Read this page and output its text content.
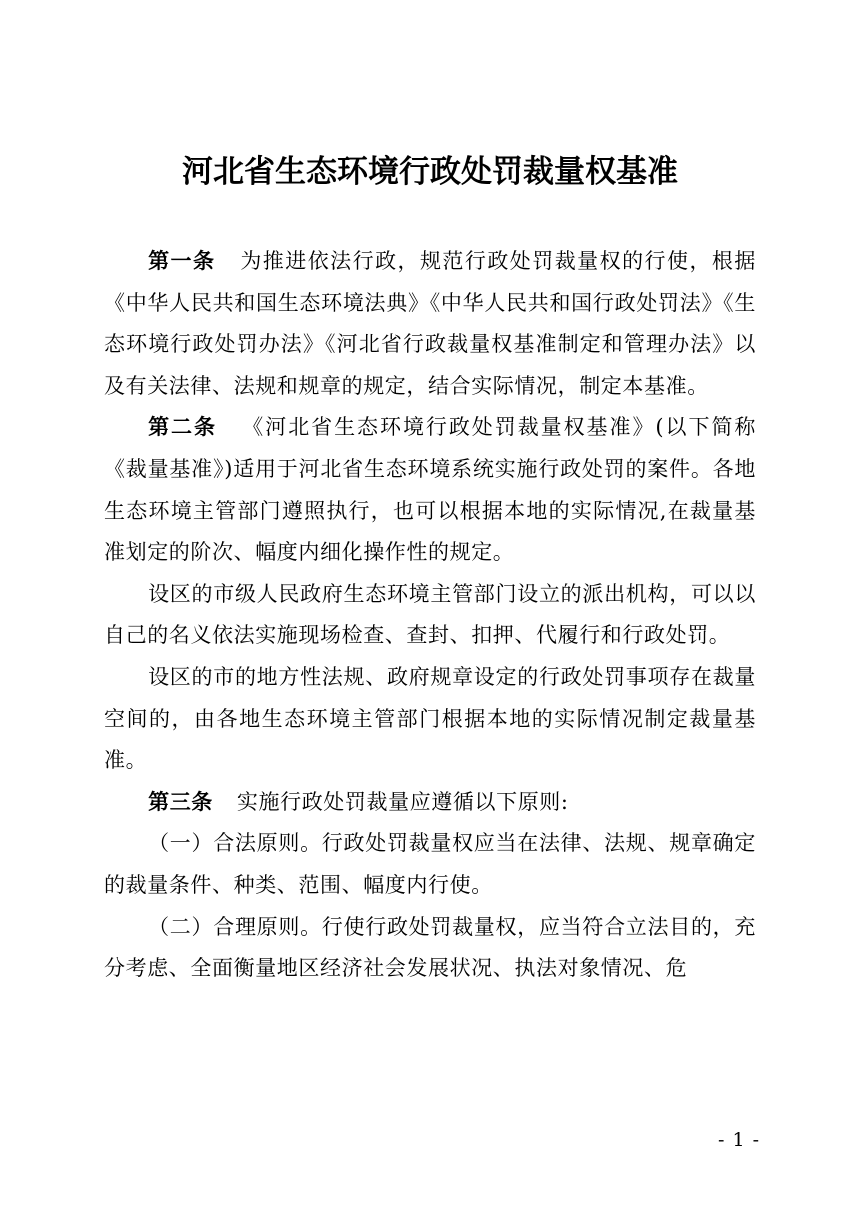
河北省生态环境行政处罚裁量权基准

第一条 为推进依法行政，规范行政处罚裁量权的行使，根据《中华人民共和国生态环境法典》《中华人民共和国行政处罚法》《生态环境行政处罚办法》《河北省行政裁量权基准制定和管理办法》以及有关法律、法规和规章的规定，结合实际情况，制定本基准。

第二条 《河北省生态环境行政处罚裁量权基准》(以下简称《裁量基准》)适用于河北省生态环境系统实施行政处罚的案件。各地生态环境主管部门遵照执行，也可以根据本地的实际情况,在裁量基准划定的阶次、幅度内细化操作性的规定。

设区的市级人民政府生态环境主管部门设立的派出机构，可以以自己的名义依法实施现场检查、查封、扣押、代履行和行政处罚。

设区的市的地方性法规、政府规章设定的行政处罚事项存在裁量空间的，由各地生态环境主管部门根据本地的实际情况制定裁量基准。

第三条 实施行政处罚裁量应遵循以下原则:

（一）合法原则。行政处罚裁量权应当在法律、法规、规章确定的裁量条件、种类、范围、幅度内行使。

（二）合理原则。行使行政处罚裁量权，应当符合立法目的，充分考虑、全面衡量地区经济社会发展状况、执法对象情况、危

- 1 -
